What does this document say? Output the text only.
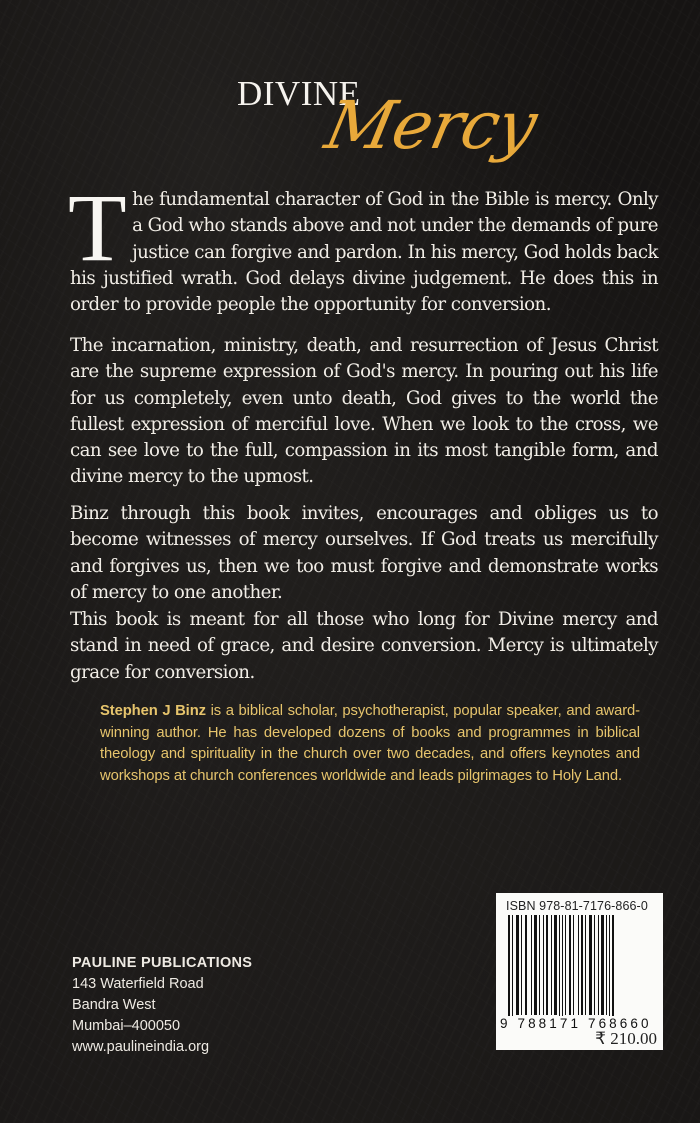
DIVINE
Mercy

The fundamental character of God in the Bible is mercy. Only a God who stands above and not under the demands of pure justice can forgive and pardon. In his mercy, God holds back his justified wrath. God delays divine judgement. He does this in order to provide people the opportunity for conversion.

The incarnation, ministry, death, and resurrection of Jesus Christ are the supreme expression of God's mercy. In pouring out his life for us completely, even unto death, God gives to the world the fullest expression of merciful love. When we look to the cross, we can see love to the full, compassion in its most tangible form, and divine mercy to the upmost.

Binz through this book invites, encourages and obliges us to become witnesses of mercy ourselves. If God treats us mercifully and forgives us, then we too must forgive and demonstrate works of mercy to one another.

This book is meant for all those who long for Divine mercy and stand in need of grace, and desire conversion. Mercy is ultimately grace for conversion.

Stephen J Binz is a biblical scholar, psychotherapist, popular speaker, and award-winning author. He has developed dozens of books and programmes in biblical theology and spirituality in the church over two decades, and offers keynotes and workshops at church conferences worldwide and leads pilgrimages to Holy Land.
PAULINE PUBLICATIONS
143 Waterfield Road
Bandra West
Mumbai–400050
www.paulineindia.org
ISBN 978-81-7176-866-0
9 788171 768660
₹ 210.00
